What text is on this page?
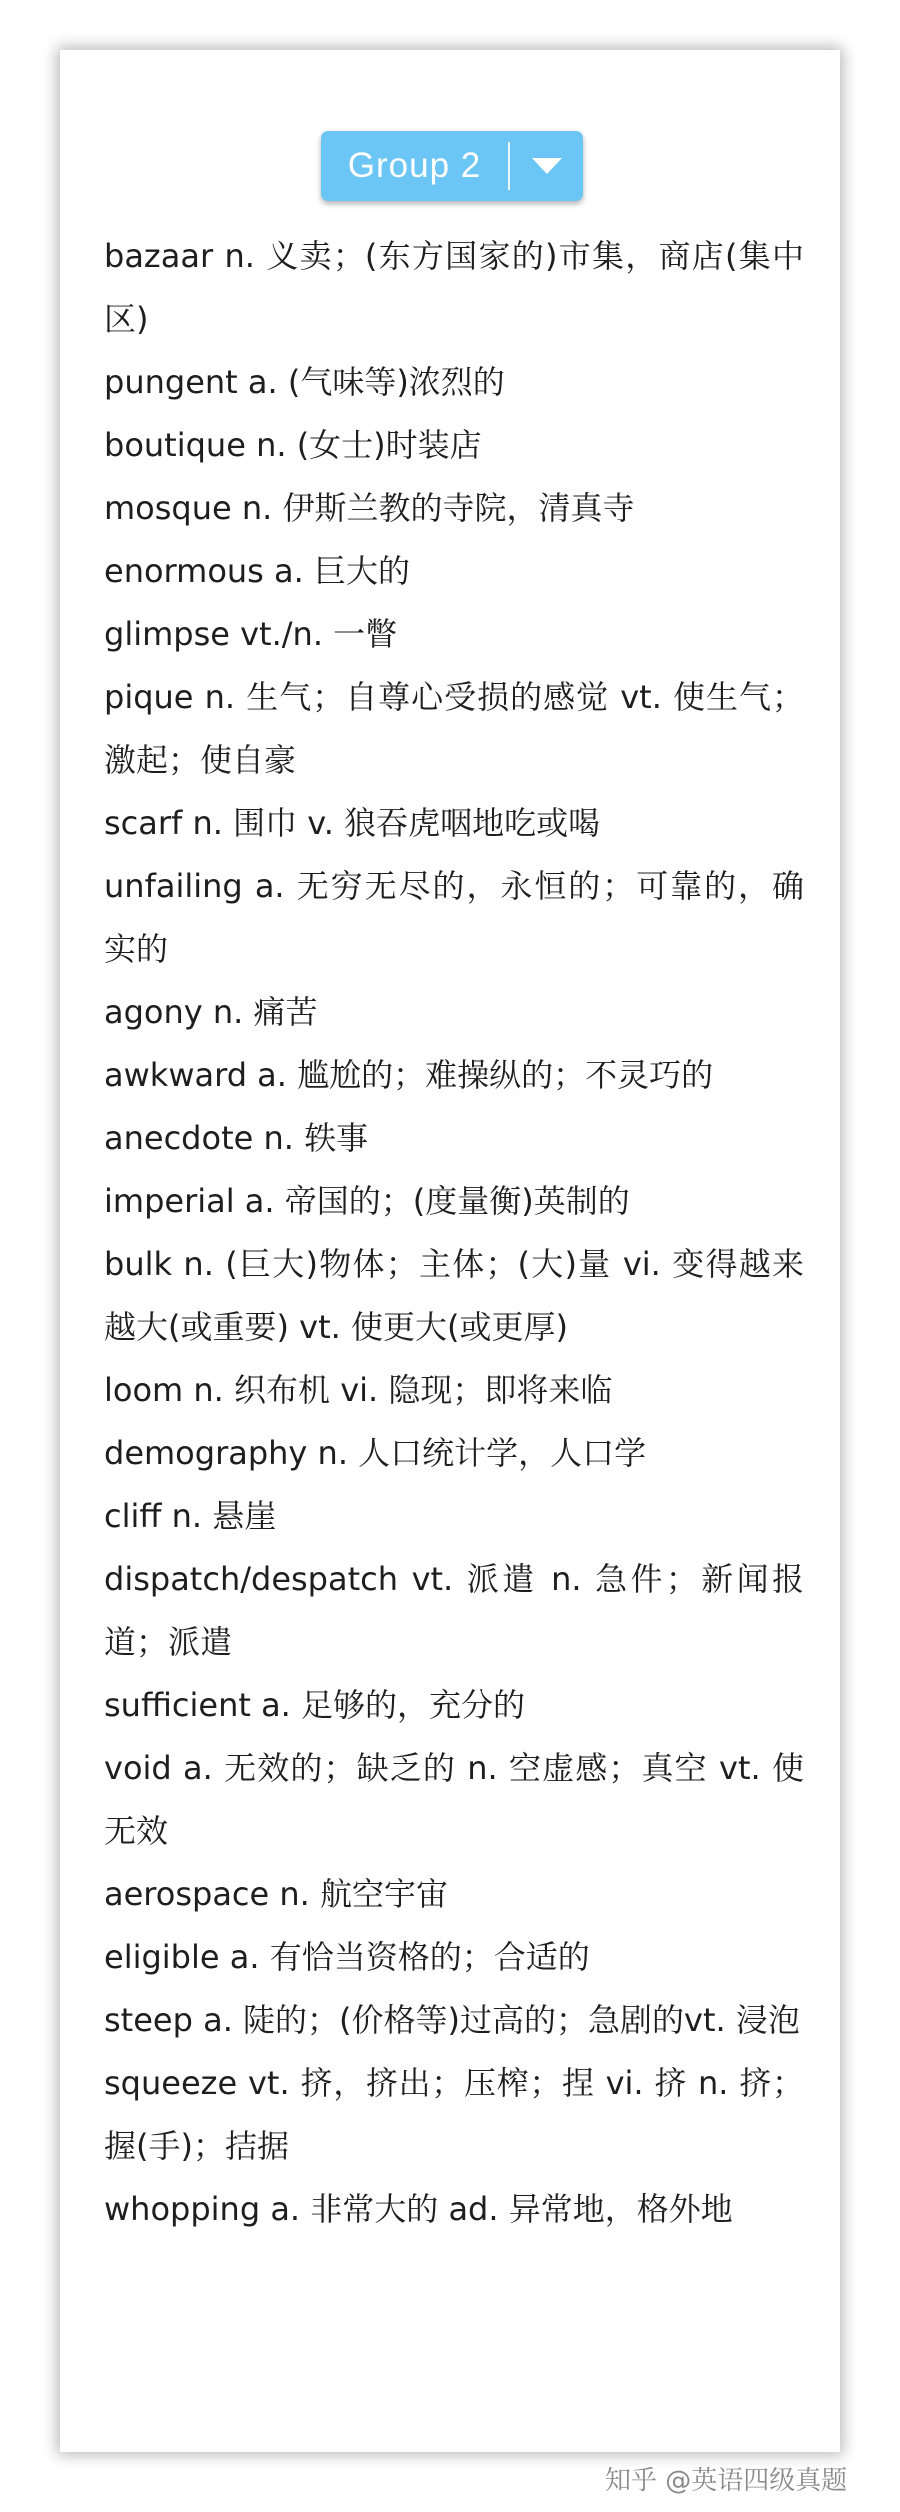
Group 2
bazaar n. 义卖；(东方国家的)市集，商店(集中区)
pungent a. (气味等)浓烈的
boutique n. (女士)时装店
mosque n. 伊斯兰教的寺院，清真寺
enormous a. 巨大的
glimpse vt./n. 一瞥
pique n. 生气；自尊心受损的感觉 vt. 使生气；激起；使自豪
scarf n. 围巾 v. 狼吞虎咽地吃或喝
unfailing a. 无穷无尽的，永恒的；可靠的，确实的
agony n. 痛苦
awkward a. 尴尬的；难操纵的；不灵巧的
anecdote n. 轶事
imperial a. 帝国的；(度量衡)英制的
bulk n. (巨大)物体；主体；(大)量 vi. 变得越来越大(或重要) vt. 使更大(或更厚)
loom n. 织布机 vi. 隐现；即将来临
demography n. 人口统计学，人口学
cliff n. 悬崖
dispatch/despatch vt. 派遣 n. 急件；新闻报道；派遣
sufficient a. 足够的，充分的
void a. 无效的；缺乏的 n. 空虚感；真空 vt. 使无效
aerospace n. 航空宇宙
eligible a. 有恰当资格的；合适的
steep a. 陡的；(价格等)过高的；急剧的vt. 浸泡
squeeze vt. 挤，挤出；压榨；捏 vi. 挤 n. 挤；握(手)；拮据
whopping a. 非常大的 ad. 异常地，格外地
知乎 @英语四级真题
